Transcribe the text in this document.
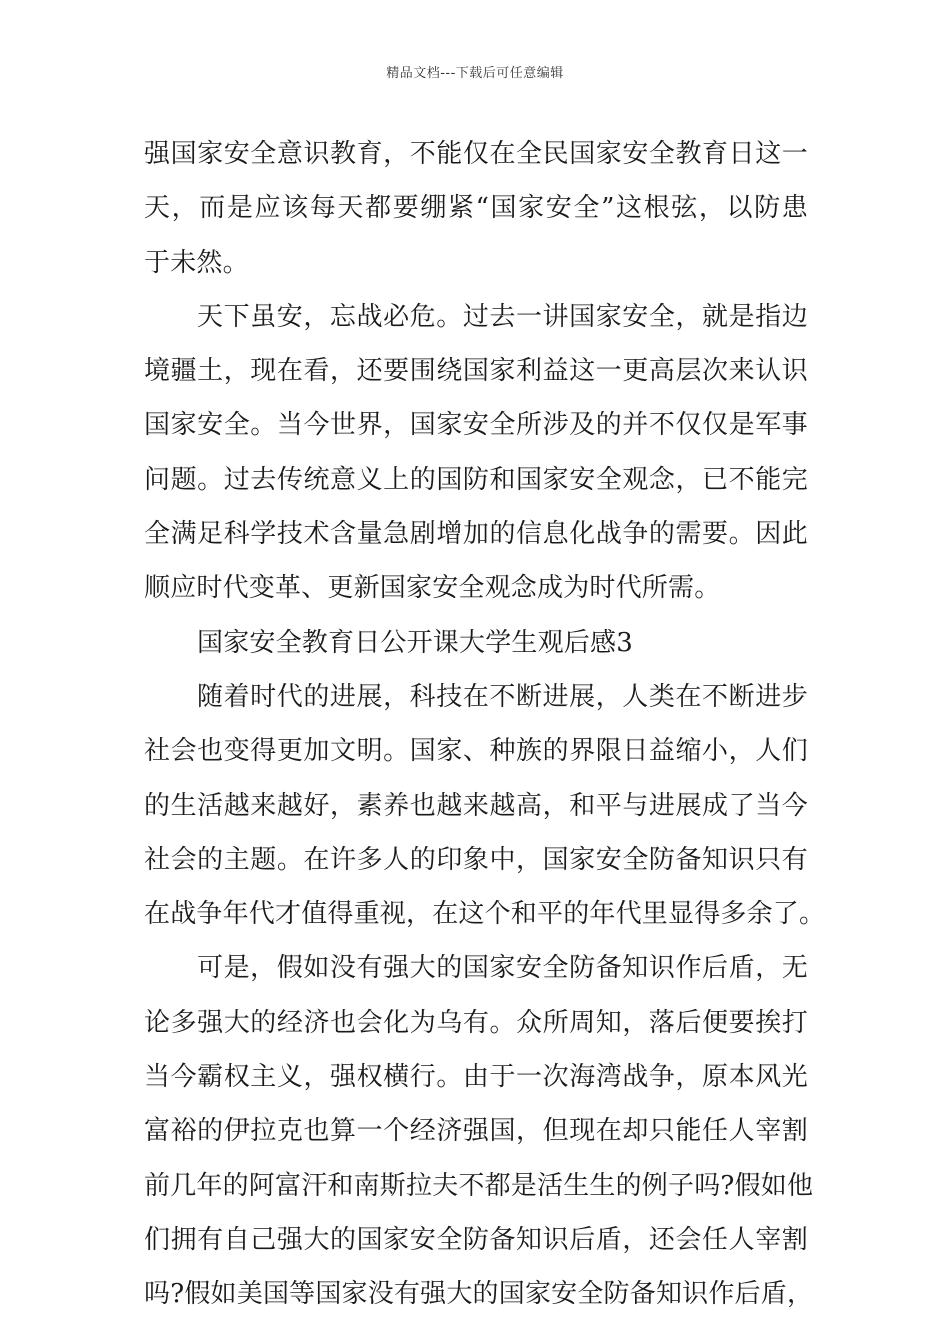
精品文档---下载后可任意编辑
强国家安全意识教育，不能仅在全民国家安全教育日这一
天，而是应该每天都要绷紧“国家安全”这根弦，以防患
于未然。
天下虽安，忘战必危。过去一讲国家安全，就是指边
境疆土，现在看，还要围绕国家利益这一更高层次来认识
国家安全。当今世界，国家安全所涉及的并不仅仅是军事
问题。过去传统意义上的国防和国家安全观念，已不能完
全满足科学技术含量急剧增加的信息化战争的需要。因此
顺应时代变革、更新国家安全观念成为时代所需。
国家安全教育日公开课大学生观后感3
随着时代的进展，科技在不断进展，人类在不断进步
社会也变得更加文明。国家、种族的界限日益缩小，人们
的生活越来越好，素养也越来越高，和平与进展成了当今
社会的主题。在许多人的印象中，国家安全防备知识只有
在战争年代才值得重视，在这个和平的年代里显得多余了。
可是，假如没有强大的国家安全防备知识作后盾，无
论多强大的经济也会化为乌有。众所周知，落后便要挨打
当今霸权主义，强权横行。由于一次海湾战争，原本风光
富裕的伊拉克也算一个经济强国，但现在却只能任人宰割
前几年的阿富汗和南斯拉夫不都是活生生的例子吗?假如他
们拥有自己强大的国家安全防备知识后盾，还会任人宰割
吗?假如美国等国家没有强大的国家安全防备知识作后盾，
